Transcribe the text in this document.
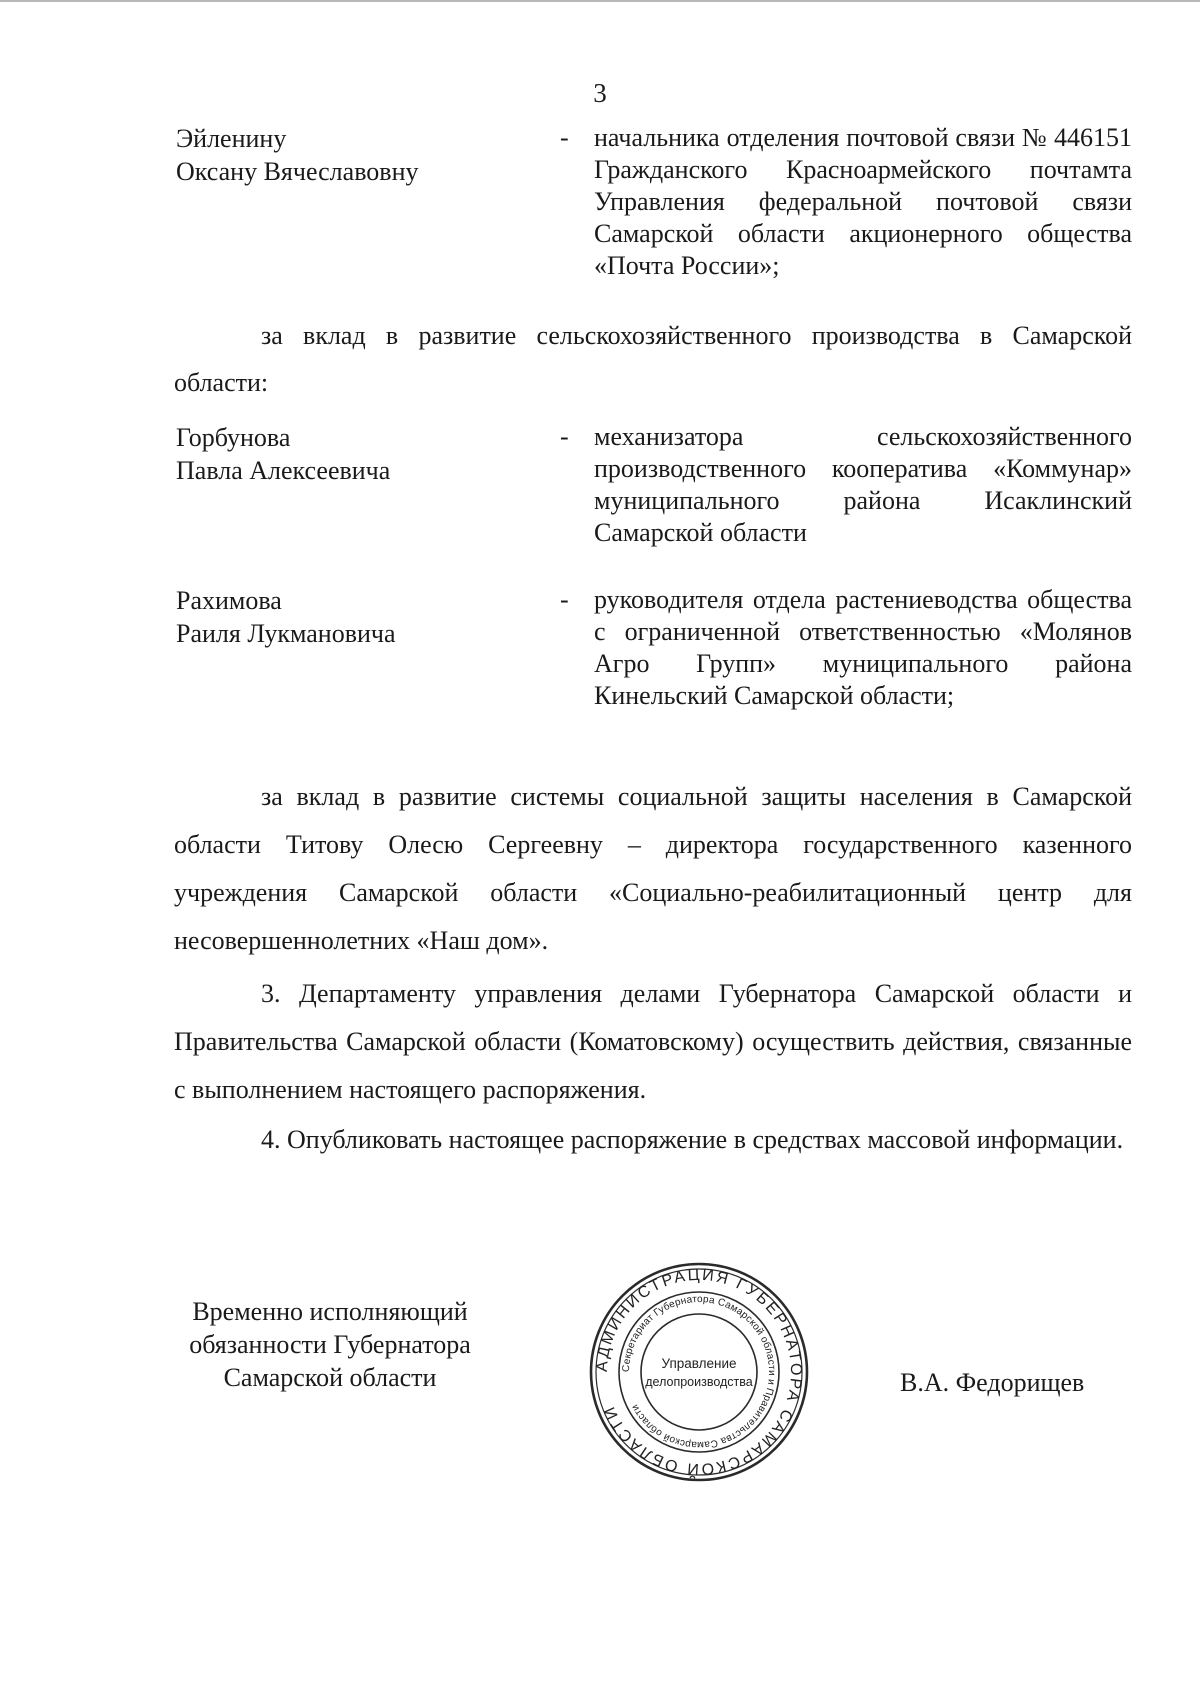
3
Эйленину
Оксану Вячеславовну
- начальника отделения почтовой связи № 446151 Гражданского Красноармейского почтамта Управления федеральной почтовой связи Самарской области акционерного общества «Почта России»;
за вклад в развитие сельскохозяйственного производства в Самарской области:
Горбунова
Павла Алексеевича
- механизатора сельскохозяйственного производственного кооператива «Коммунар» муниципального района Исаклинский Самарской области
Рахимова
Раиля Лукмановича
- руководителя отдела растениеводства общества с ограниченной ответственностью «Молянов Агро Групп» муниципального района Кинельский Самарской области;
за вклад в развитие системы социальной защиты населения в Самарской области Титову Олесю Сергеевну – директора государственного казенного учреждения Самарской области «Социально-реабилитационный центр для несовершеннолетних «Наш дом».
3. Департаменту управления делами Губернатора Самарской области и Правительства Самарской области (Коматовскому) осуществить действия, связанные с выполнением настоящего распоряжения.
4. Опубликовать настоящее распоряжение в средствах массовой информации.
Временно исполняющий
обязанности Губернатора
Самарской области	АДМИНИСТРАЦИЯ ГУБЕРНАТОРА САМАРСКОЙ ОБЛАСТИ
Секретариат Губернатора Самарской области и Правительства Самарской области
Управление
делопроизводства	В.А. Федорищев
